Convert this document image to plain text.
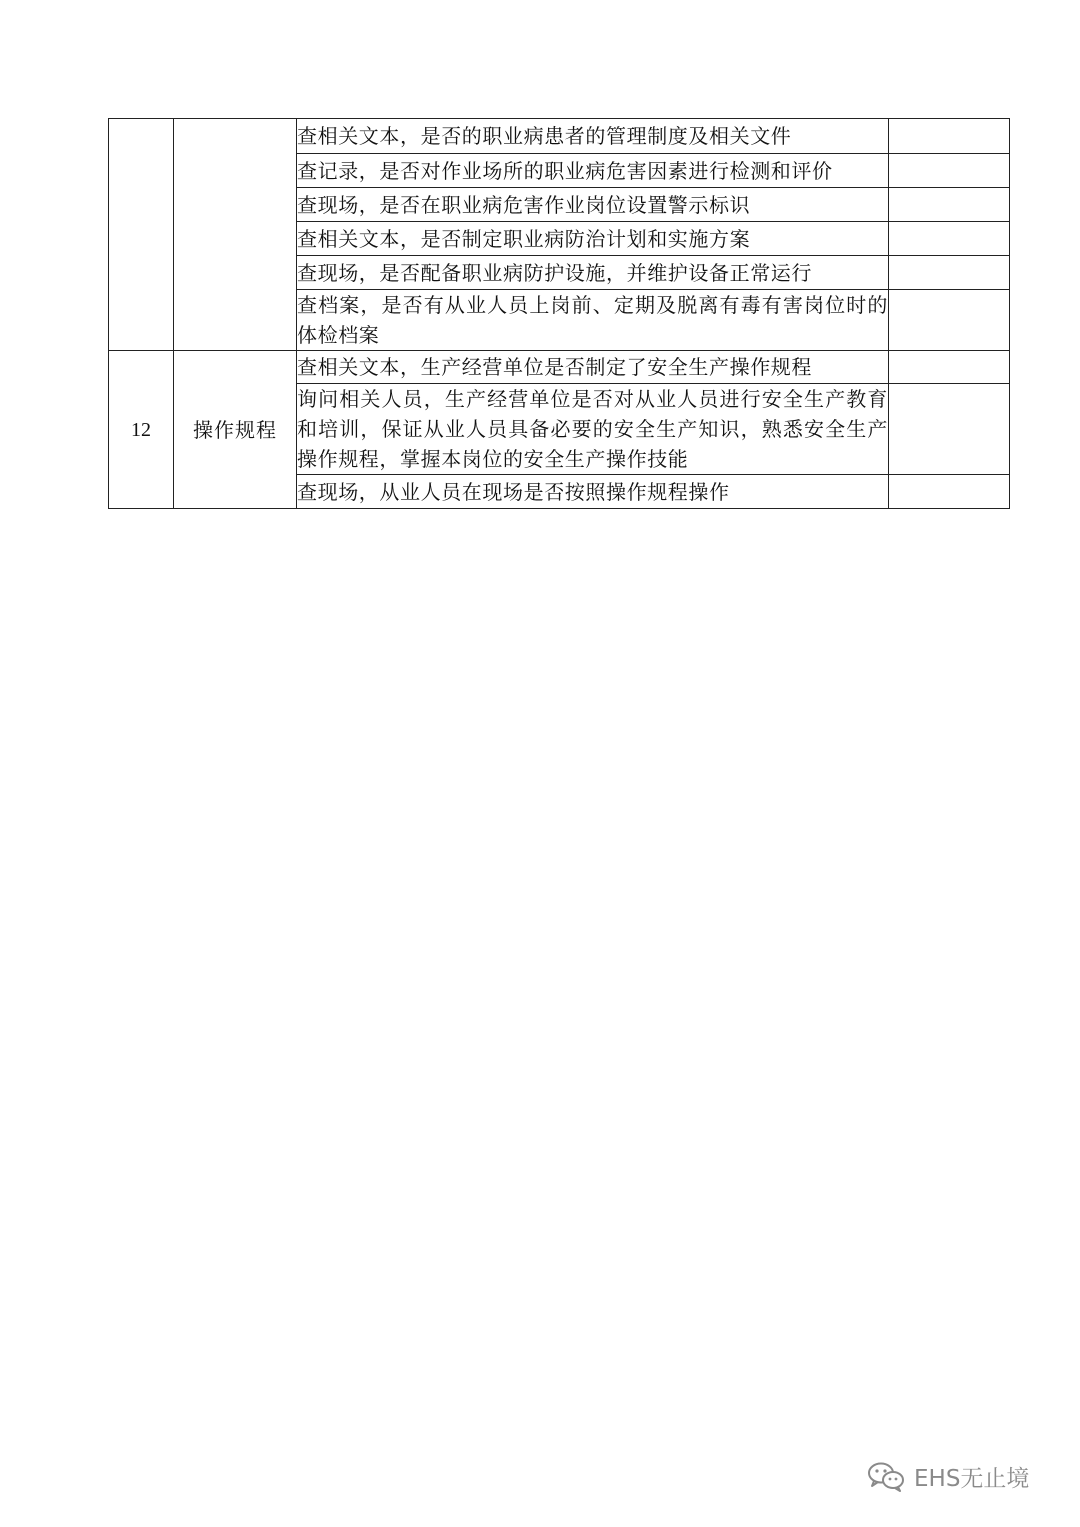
		查相关文本，是否的职业病患者的管理制度及相关文件	
		查记录，是否对作业场所的职业病危害因素进行检测和评价	
		查现场，是否在职业病危害作业岗位设置警示标识	
		查相关文本，是否制定职业病防治计划和实施方案	
		查现场，是否配备职业病防护设施，并维护设备正常运行	
		查档案，是否有从业人员上岗前、定期及脱离有毒有害岗位时的体检档案	
12	操作规程	查相关文本，生产经营单位是否制定了安全生产操作规程	
		询问相关人员，生产经营单位是否对从业人员进行安全生产教育和培训，保证从业人员具备必要的安全生产知识，熟悉安全生产操作规程，掌握本岗位的安全生产操作技能	
		查现场，从业人员在现场是否按照操作规程操作	
EHS无止境
